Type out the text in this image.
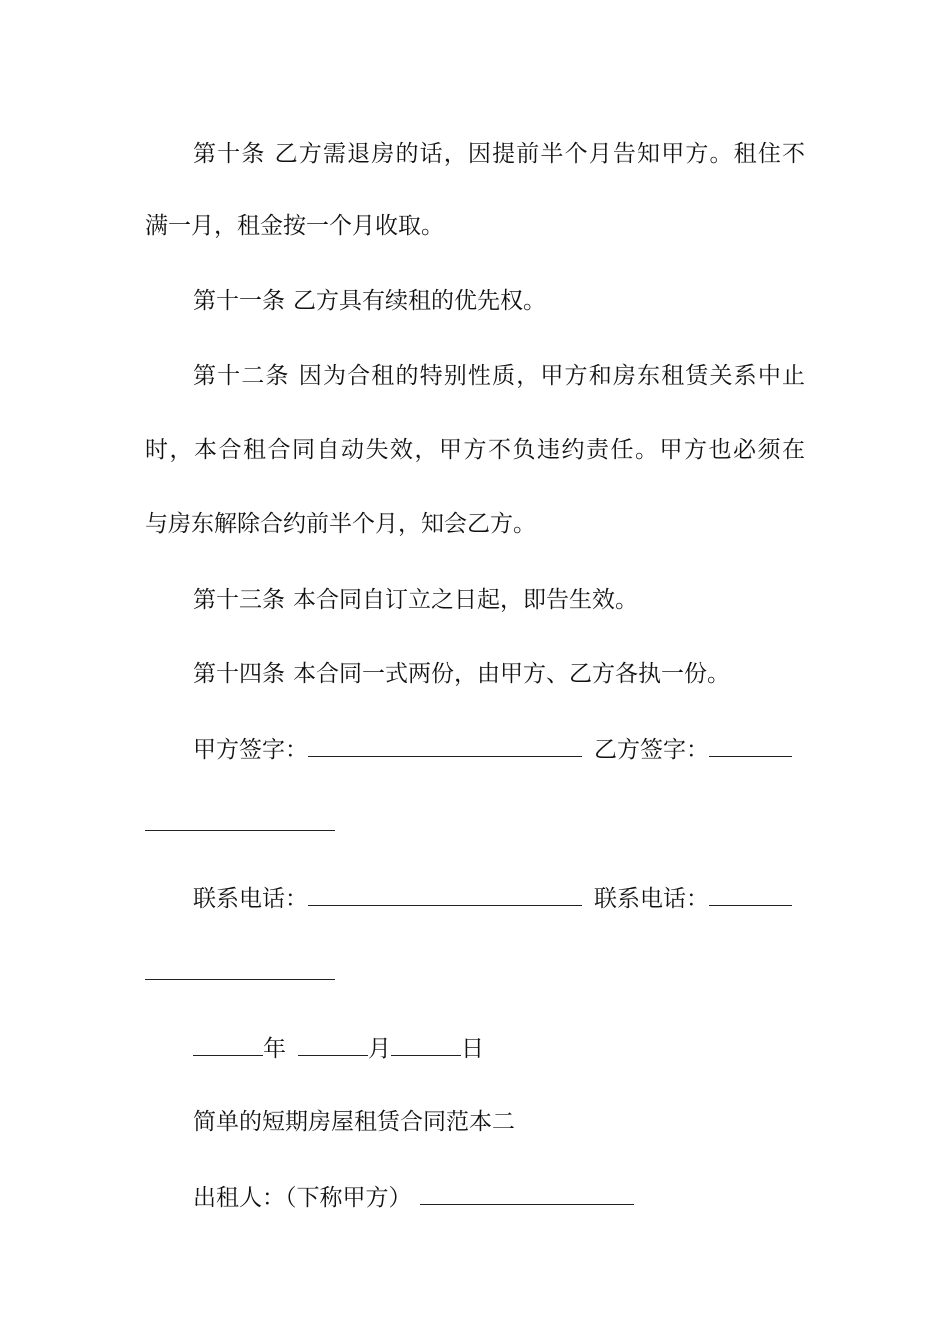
第十条 乙方需退房的话，因提前半个月告知甲方。租住不
满一月，租金按一个月收取。
第十一条 乙方具有续租的优先权。
第十二条 因为合租的特别性质，甲方和房东租赁关系中止
时，本合租合同自动失效，甲方不负违约责任。甲方也必须在
与房东解除合约前半个月，知会乙方。
第十三条 本合同自订立之日起，即告生效。
第十四条 本合同一式两份，由甲方、乙方各执一份。
甲方签字：	乙方签字：
联系电话：	联系电话：
年	月	日
简单的短期房屋租赁合同范本二
出租人：（下称甲方）
